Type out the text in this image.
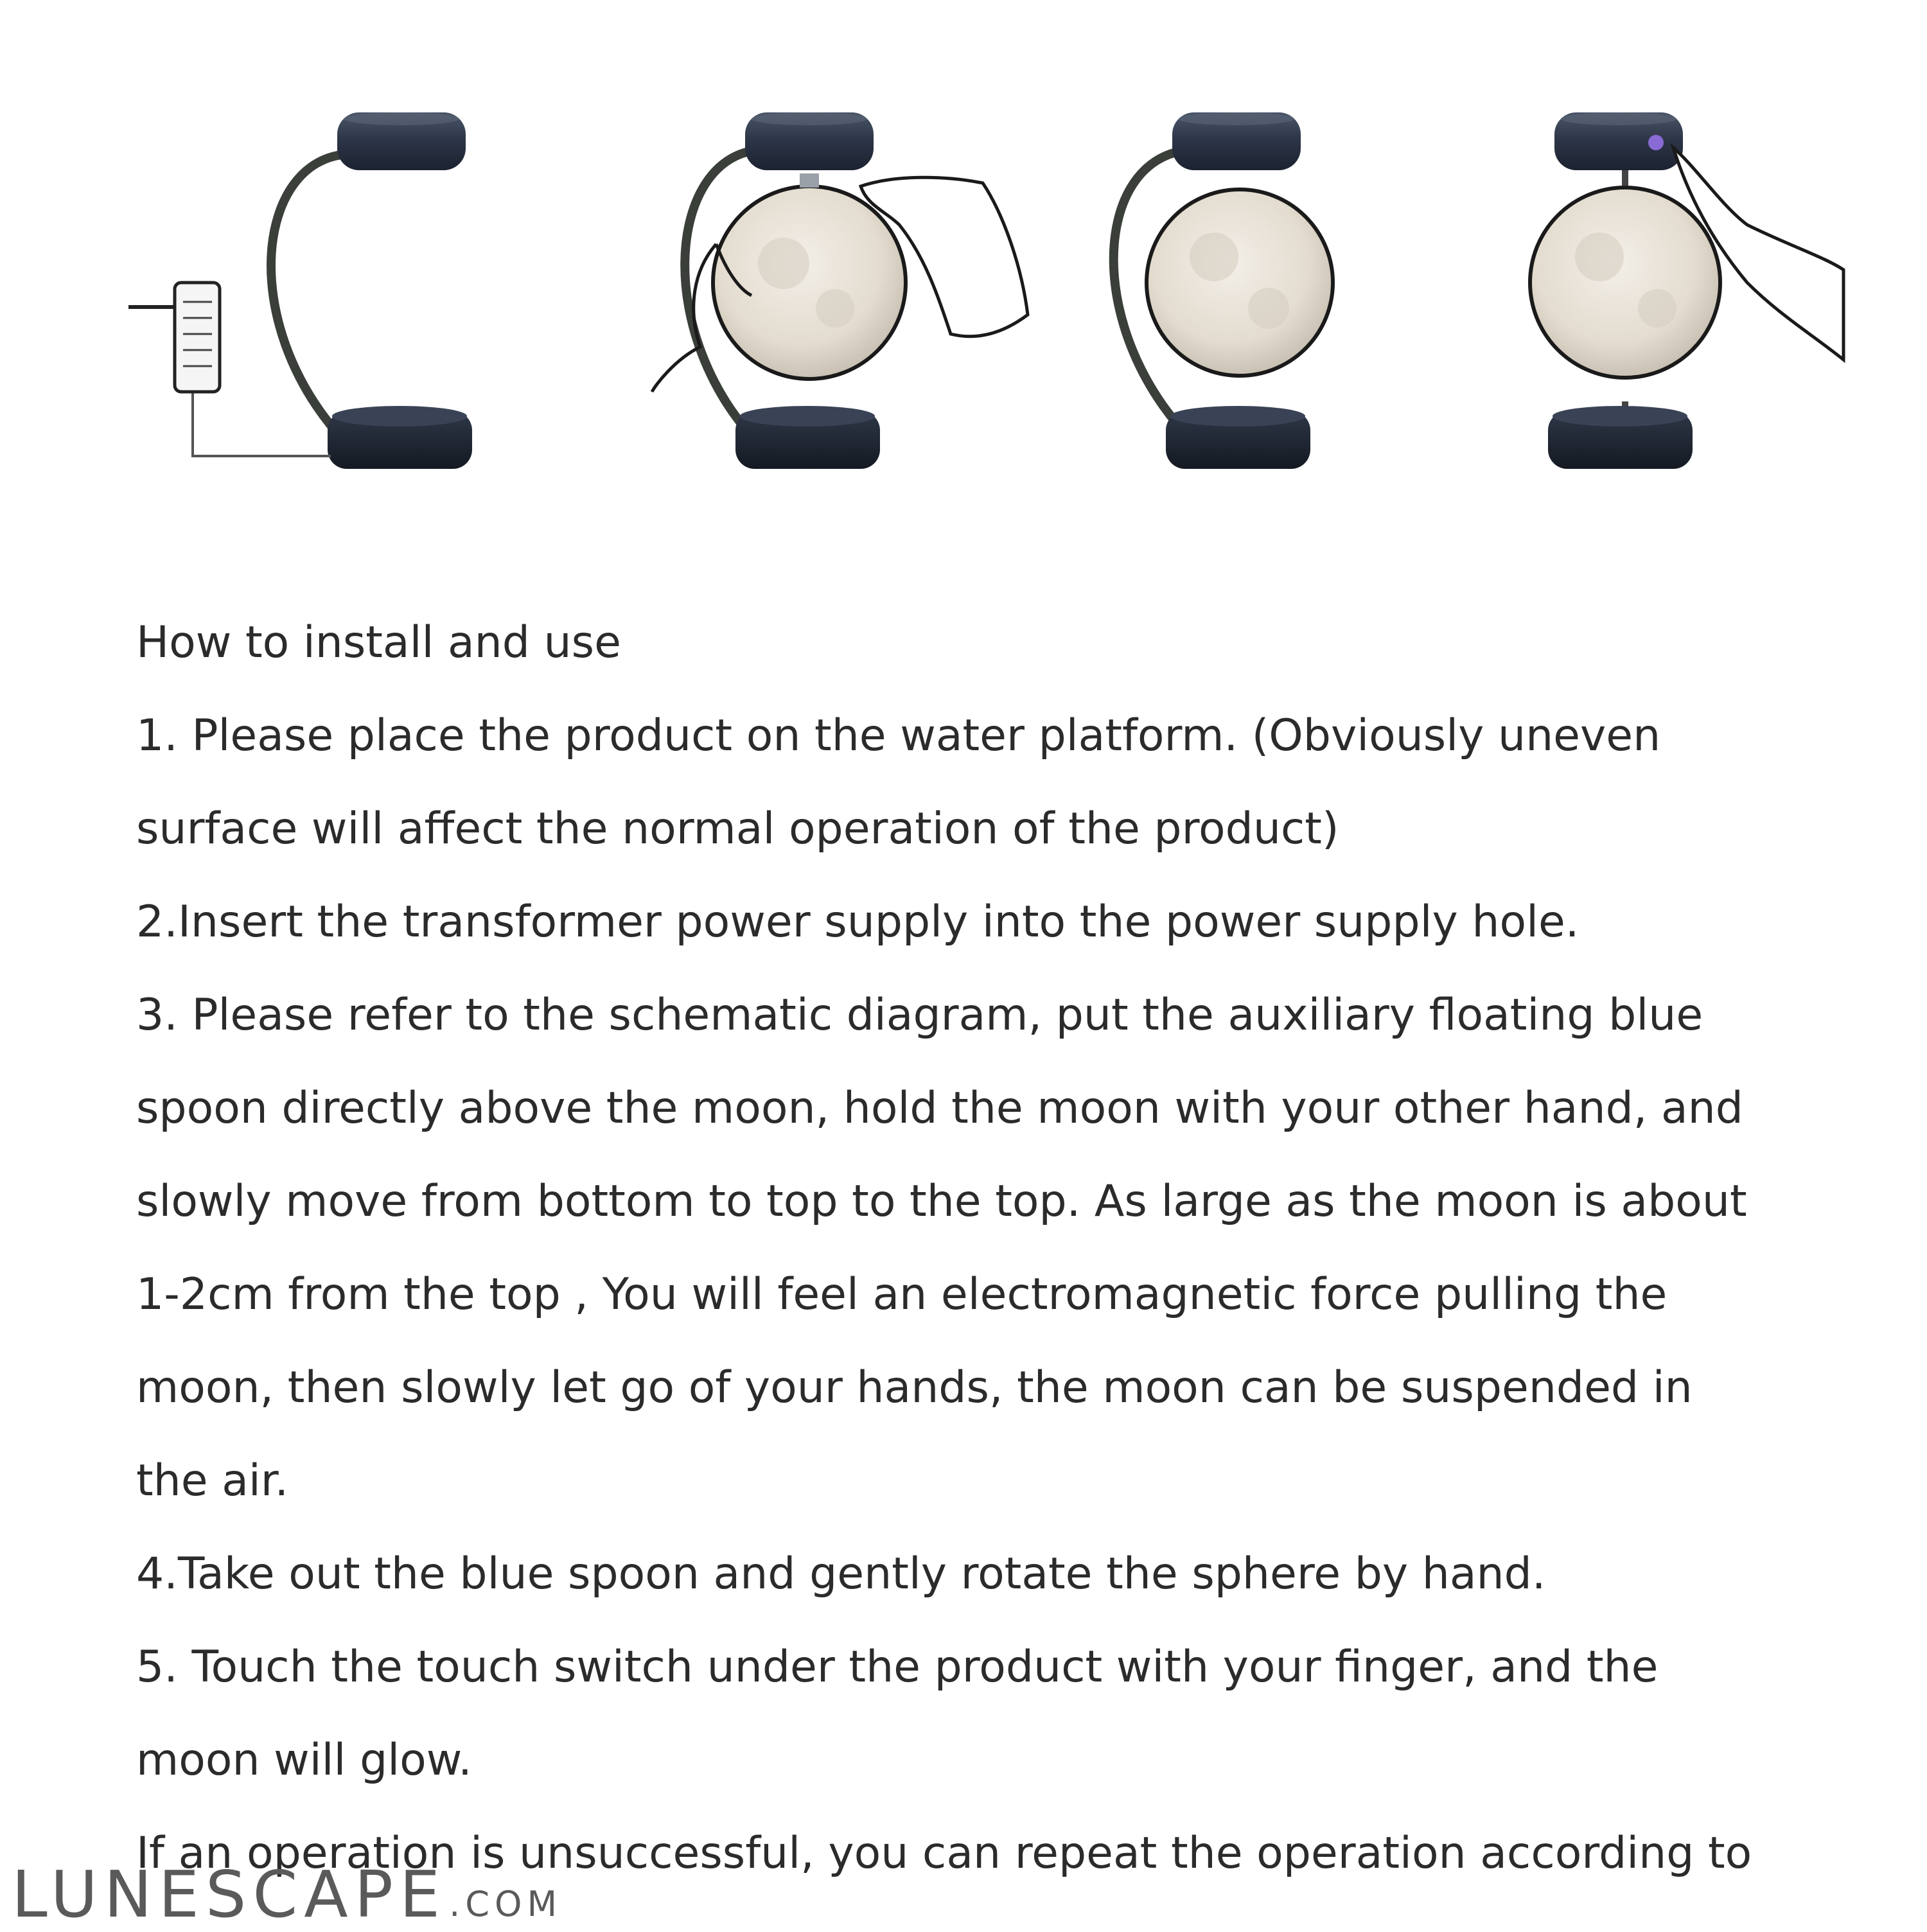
How to install and use

1. Please place the product on the water platform. (Obviously uneven

surface will affect the normal operation of the product)

2.Insert the transformer power supply into the power supply hole.

3. Please refer to the schematic diagram, put the auxiliary floating blue

spoon directly above the moon, hold the moon with your other hand, and

slowly move from bottom to top to the top. As large as the moon is about

1-2cm from the top , You will feel an electromagnetic force pulling the

moon, then slowly let go of your hands, the moon can be suspended in

the air.

4.Take out the blue spoon and gently rotate the sphere by hand.

5. Touch the touch switch under the product with your finger, and the

moon will glow.

If an operation is unsuccessful, you can repeat the operation according to

LUNESCAPE .COM
